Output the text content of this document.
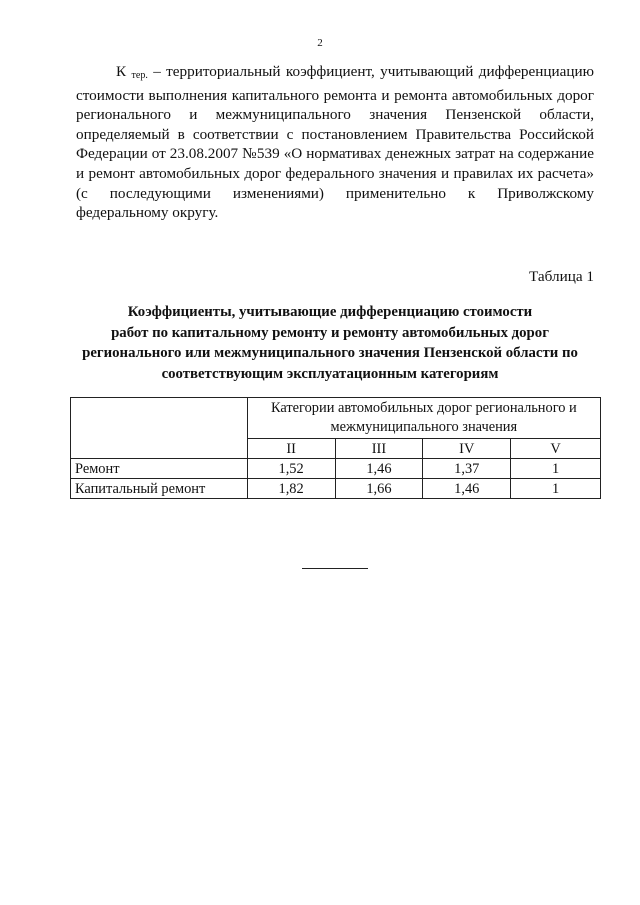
2

К $_{тер.}$ – территориальный коэффициент, учитывающий дифференциацию стоимости выполнения капитального ремонта и ремонта автомобильных дорог регионального и межмуниципального значения Пензенской области, определяемый в соответствии с постановлением Правительства Российской Федерации от 23.08.2007 №539 «О нормативах денежных затрат на содержание и ремонт автомобильных дорог федерального значения и правилах их расчета» (с последующими изменениями) применительно к Приволжскому федеральному округу.

Таблица 1
Коэффициенты, учитывающие дифференциацию стоимости
работ по капитальному ремонту и ремонту автомобильных дорог
регионального или межмуниципального значения Пензенской области по
соответствующим эксплуатационным категориям
	Категории автомобильных дорог регионального и межмуниципального значения			
	II	III	IV	V
Ремонт	1,52	1,46	1,37	1
Капитальный ремонт	1,82	1,66	1,46	1
